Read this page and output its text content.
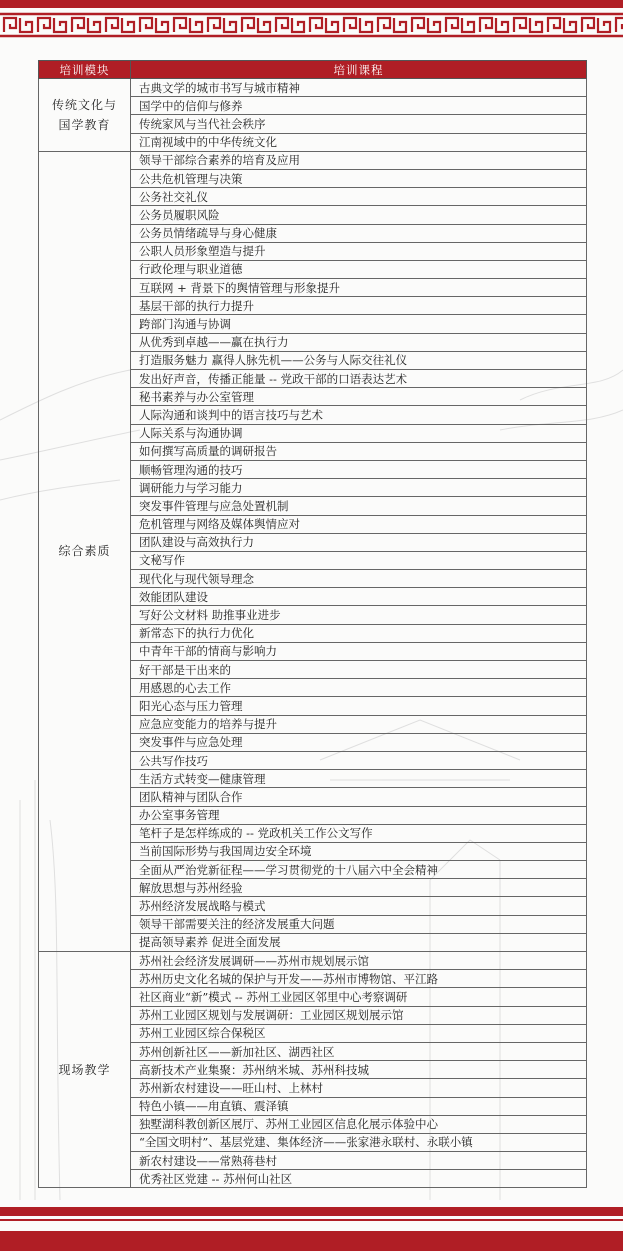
培训模块	培训课程
传统文化与
国学教育	古典文学的城市书写与城市精神
	国学中的信仰与修养
	传统家风与当代社会秩序
	江南视域中的中华传统文化
综合素质	领导干部综合素养的培育及应用
	公共危机管理与决策
	公务社交礼仪
	公务员履职风险
	公务员情绪疏导与身心健康
	公职人员形象塑造与提升
	行政伦理与职业道德
	互联网 + 背景下的舆情管理与形象提升
	基层干部的执行力提升
	跨部门沟通与协调
	从优秀到卓越——赢在执行力
	打造服务魅力 赢得人脉先机——公务与人际交往礼仪
	发出好声音，传播正能量 -- 党政干部的口语表达艺术
	秘书素养与办公室管理
	人际沟通和谈判中的语言技巧与艺术
	人际关系与沟通协调
	如何撰写高质量的调研报告
	顺畅管理沟通的技巧
	调研能力与学习能力
	突发事件管理与应急处置机制
	危机管理与网络及媒体舆情应对
	团队建设与高效执行力
	文秘写作
	现代化与现代领导理念
	效能团队建设
	写好公文材料 助推事业进步
	新常态下的执行力优化
	中青年干部的情商与影响力
	好干部是干出来的
	用感恩的心去工作
	阳光心态与压力管理
	应急应变能力的培养与提升
	突发事件与应急处理
	公共写作技巧
	生活方式转变—健康管理
	团队精神与团队合作
	办公室事务管理
	笔杆子是怎样练成的 -- 党政机关工作公文写作
	当前国际形势与我国周边安全环境
	全面从严治党新征程——学习贯彻党的十八届六中全会精神
	解放思想与苏州经验
	苏州经济发展战略与模式
	领导干部需要关注的经济发展重大问题
	提高领导素养 促进全面发展
现场教学	苏州社会经济发展调研——苏州市规划展示馆
	苏州历史文化名城的保护与开发——苏州市博物馆、平江路
	社区商业“新”模式 -- 苏州工业园区邻里中心考察调研
	苏州工业园区规划与发展调研：工业园区规划展示馆
	苏州工业园区综合保税区
	苏州创新社区——新加社区、湖西社区
	高新技术产业集聚：苏州纳米城、苏州科技城
	苏州新农村建设——旺山村、上林村
	特色小镇——甪直镇、震泽镇
	独墅湖科教创新区展厅、苏州工业园区信息化展示体验中心
	“全国文明村”、基层党建、集体经济——张家港永联村、永联小镇
	新农村建设——常熟蒋巷村
	优秀社区党建 -- 苏州何山社区
